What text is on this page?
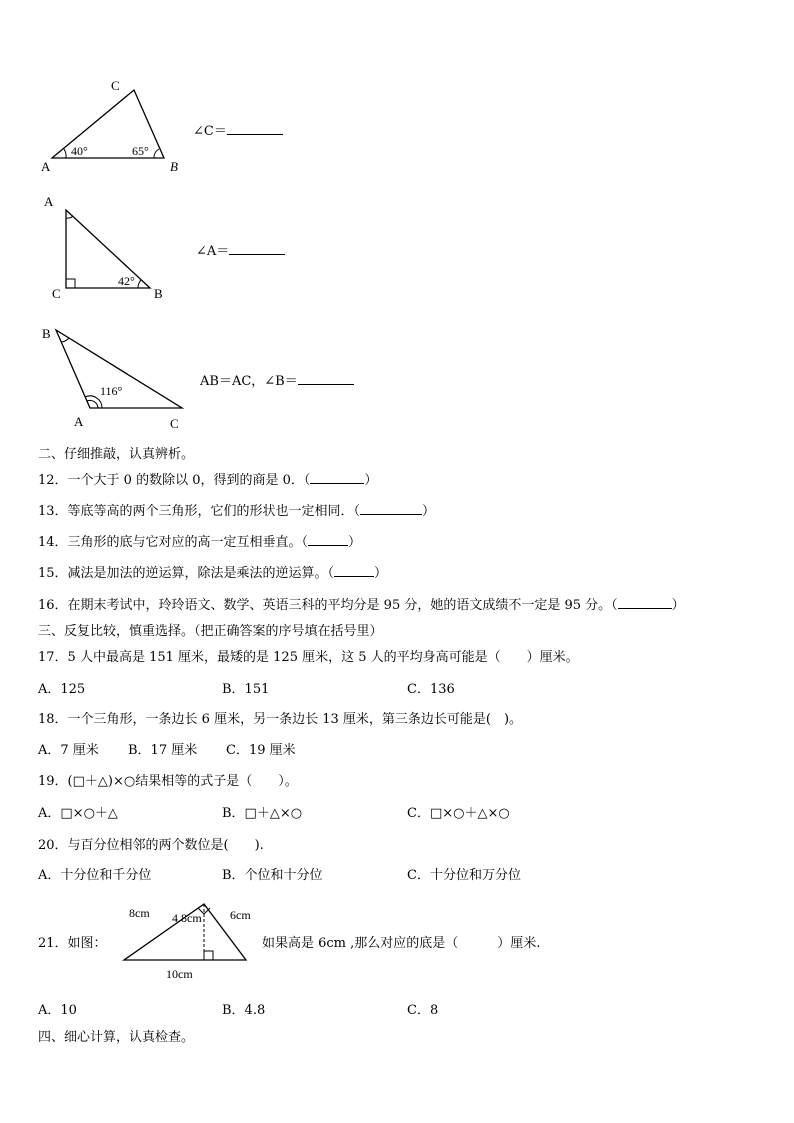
C
A	B
40°	65°
∠C＝
A
C	B
42°
∠A＝
B
A	C
116°
AB＝AC，∠B＝
二、仔细推敲，认真辨析。
12．一个大于 0 的数除以 0，得到的商是 0．（	）
13．等底等高的两个三角形，它们的形状也一定相同．（	）
14．三角形的底与它对应的高一定互相垂直。（	）
15．减法是加法的逆运算，除法是乘法的逆运算。（	）
16．在期末考试中，玲玲语文、数学、英语三科的平均分是 95 分，她的语文成绩不一定是 95 分。（	）
三、反复比较，慎重选择。（把正确答案的序号填在括号里）
17．5 人中最高是 151 厘米，最矮的是 125 厘米，这 5 人的平均身高可能是（　　）厘米。
A．125	B．151	C．136
18．一个三角形，一条边长 6 厘米，另一条边长 13 厘米，第三条边长可能是(　)。
A．7 厘米 B．17 厘米 C．19 厘米
19．(□＋△)×○结果相等的式子是（　　）。
A．□×○＋△	B．□＋△×○	C．□×○＋△×○
20．与百分位相邻的两个数位是(　　).
A．十分位和千分位	B．个位和十分位	C．十分位和万分位
21．如图：
8cm 4.8cm 6cm
10cm
如果高是 6cm ,那么对应的底是（　　　）厘米.
A．10	B．4.8	C．8
四、细心计算，认真检查。
